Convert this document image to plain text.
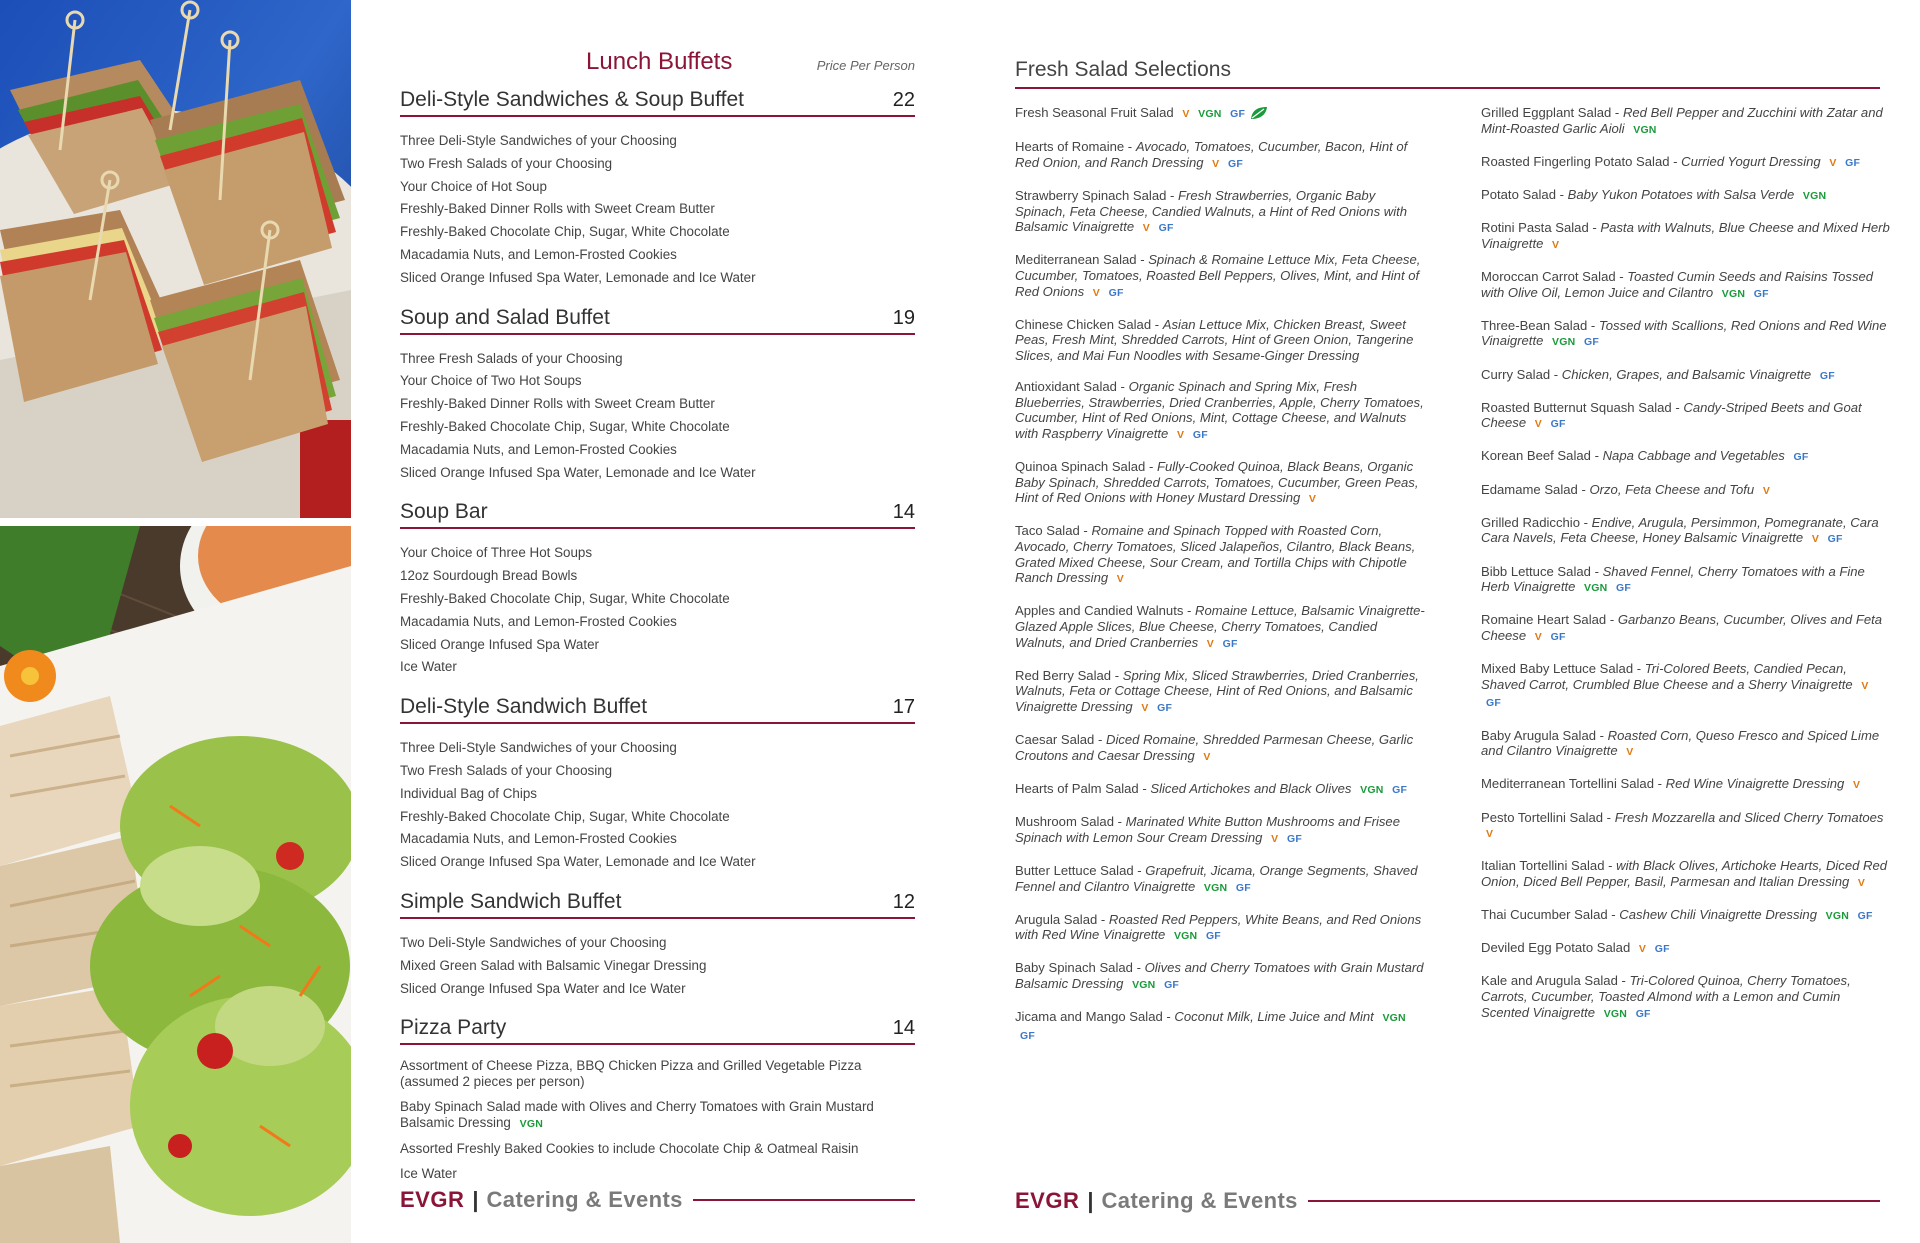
Lunch Buffets	Price Per Person
Deli-Style Sandwiches & Soup Buffet	22
Three Deli-Style Sandwiches of your Choosing
Two Fresh Salads of your Choosing
Your Choice of Hot Soup
Freshly-Baked Dinner Rolls with Sweet Cream Butter
Freshly-Baked Chocolate Chip, Sugar, White Chocolate
Macadamia Nuts, and Lemon-Frosted Cookies
Sliced Orange Infused Spa Water, Lemonade and Ice Water
Soup and Salad Buffet	19
Three Fresh Salads of your Choosing
Your Choice of Two Hot Soups
Freshly-Baked Dinner Rolls with Sweet Cream Butter
Freshly-Baked Chocolate Chip, Sugar, White Chocolate
Macadamia Nuts, and Lemon-Frosted Cookies
Sliced Orange Infused Spa Water, Lemonade and Ice Water
Soup Bar	14
Your Choice of Three Hot Soups
12oz Sourdough Bread Bowls
Freshly-Baked Chocolate Chip, Sugar, White Chocolate
Macadamia Nuts, and Lemon-Frosted Cookies
Sliced Orange Infused Spa Water
Ice Water
Deli-Style Sandwich Buffet	17
Three Deli-Style Sandwiches of your Choosing
Two Fresh Salads of your Choosing
Individual Bag of Chips
Freshly-Baked Chocolate Chip, Sugar, White Chocolate
Macadamia Nuts, and Lemon-Frosted Cookies
Sliced Orange Infused Spa Water, Lemonade and Ice Water
Simple Sandwich Buffet	12
Two Deli-Style Sandwiches of your Choosing
Mixed Green Salad with Balsamic Vinegar Dressing
Sliced Orange Infused Spa Water and Ice Water
Pizza Party	14
Assortment of Cheese Pizza, BBQ Chicken Pizza and Grilled Vegetable Pizza (assumed 2 pieces per person)
Baby Spinach Salad made with Olives and Cherry Tomatoes with Grain Mustard Balsamic Dressing VGN
Assorted Freshly Baked Cookies to include Chocolate Chip & Oatmeal Raisin
Ice Water
EVGR | Catering & Events
Fresh Salad Selections
Fresh Seasonal Fruit Salad V VGN GF
Hearts of Romaine - Avocado, Tomatoes, Cucumber, Bacon, Hint of Red Onion, and Ranch Dressing V GF
Strawberry Spinach Salad - Fresh Strawberries, Organic Baby Spinach, Feta Cheese, Candied Walnuts, a Hint of Red Onions with Balsamic Vinaigrette V GF
Mediterranean Salad - Spinach & Romaine Lettuce Mix, Feta Cheese, Cucumber, Tomatoes, Roasted Bell Peppers, Olives, Mint, and Hint of Red Onions V GF
Chinese Chicken Salad - Asian Lettuce Mix, Chicken Breast, Sweet Peas, Fresh Mint, Shredded Carrots, Hint of Green Onion, Tangerine Slices, and Mai Fun Noodles with Sesame-Ginger Dressing
Antioxidant Salad - Organic Spinach and Spring Mix, Fresh Blueberries, Strawberries, Dried Cranberries, Apple, Cherry Tomatoes, Cucumber, Hint of Red Onions, Mint, Cottage Cheese, and Walnuts with Raspberry Vinaigrette V GF
Quinoa Spinach Salad - Fully-Cooked Quinoa, Black Beans, Organic Baby Spinach, Shredded Carrots, Tomatoes, Cucumber, Green Peas, Hint of Red Onions with Honey Mustard Dressing V
Taco Salad - Romaine and Spinach Topped with Roasted Corn, Avocado, Cherry Tomatoes, Sliced Jalapeños, Cilantro, Black Beans, Grated Mixed Cheese, Sour Cream, and Tortilla Chips with Chipotle Ranch Dressing V
Apples and Candied Walnuts - Romaine Lettuce, Balsamic Vinaigrette-Glazed Apple Slices, Blue Cheese, Cherry Tomatoes, Candied Walnuts, and Dried Cranberries V GF
Red Berry Salad - Spring Mix, Sliced Strawberries, Dried Cranberries, Walnuts, Feta or Cottage Cheese, Hint of Red Onions, and Balsamic Vinaigrette Dressing V GF
Caesar Salad - Diced Romaine, Shredded Parmesan Cheese, Garlic Croutons and Caesar Dressing V
Hearts of Palm Salad - Sliced Artichokes and Black Olives VGN GF
Mushroom Salad - Marinated White Button Mushrooms and Frisee Spinach with Lemon Sour Cream Dressing V GF
Butter Lettuce Salad - Grapefruit, Jicama, Orange Segments, Shaved Fennel and Cilantro Vinaigrette VGN GF
Arugula Salad - Roasted Red Peppers, White Beans, and Red Onions with Red Wine Vinaigrette VGN GF
Baby Spinach Salad - Olives and Cherry Tomatoes with Grain Mustard Balsamic Dressing VGN GF
Jicama and Mango Salad - Coconut Milk, Lime Juice and Mint VGN GF
Grilled Eggplant Salad - Red Bell Pepper and Zucchini with Zatar and Mint-Roasted Garlic Aioli VGN
Roasted Fingerling Potato Salad - Curried Yogurt Dressing V GF
Potato Salad - Baby Yukon Potatoes with Salsa Verde VGN
Rotini Pasta Salad - Pasta with Walnuts, Blue Cheese and Mixed Herb Vinaigrette V
Moroccan Carrot Salad - Toasted Cumin Seeds and Raisins Tossed with Olive Oil, Lemon Juice and Cilantro VGN GF
Three-Bean Salad - Tossed with Scallions, Red Onions and Red Wine Vinaigrette VGN GF
Curry Salad - Chicken, Grapes, and Balsamic Vinaigrette GF
Roasted Butternut Squash Salad - Candy-Striped Beets and Goat Cheese V GF
Korean Beef Salad - Napa Cabbage and Vegetables GF
Edamame Salad - Orzo, Feta Cheese and Tofu V
Grilled Radicchio - Endive, Arugula, Persimmon, Pomegranate, Cara Cara Navels, Feta Cheese, Honey Balsamic Vinaigrette V GF
Bibb Lettuce Salad - Shaved Fennel, Cherry Tomatoes with a Fine Herb Vinaigrette VGN GF
Romaine Heart Salad - Garbanzo Beans, Cucumber, Olives and Feta Cheese V GF
Mixed Baby Lettuce Salad - Tri-Colored Beets, Candied Pecan, Shaved Carrot, Crumbled Blue Cheese and a Sherry Vinaigrette V GF
Baby Arugula Salad - Roasted Corn, Queso Fresco and Spiced Lime and Cilantro Vinaigrette V
Mediterranean Tortellini Salad - Red Wine Vinaigrette Dressing V
Pesto Tortellini Salad - Fresh Mozzarella and Sliced Cherry Tomatoes V
Italian Tortellini Salad - with Black Olives, Artichoke Hearts, Diced Red Onion, Diced Bell Pepper, Basil, Parmesan and Italian Dressing V
Thai Cucumber Salad - Cashew Chili Vinaigrette Dressing VGN GF
Deviled Egg Potato Salad V GF
Kale and Arugula Salad - Tri-Colored Quinoa, Cherry Tomatoes, Carrots, Cucumber, Toasted Almond with a Lemon and Cumin Scented Vinaigrette VGN GF
EVGR | Catering & Events
